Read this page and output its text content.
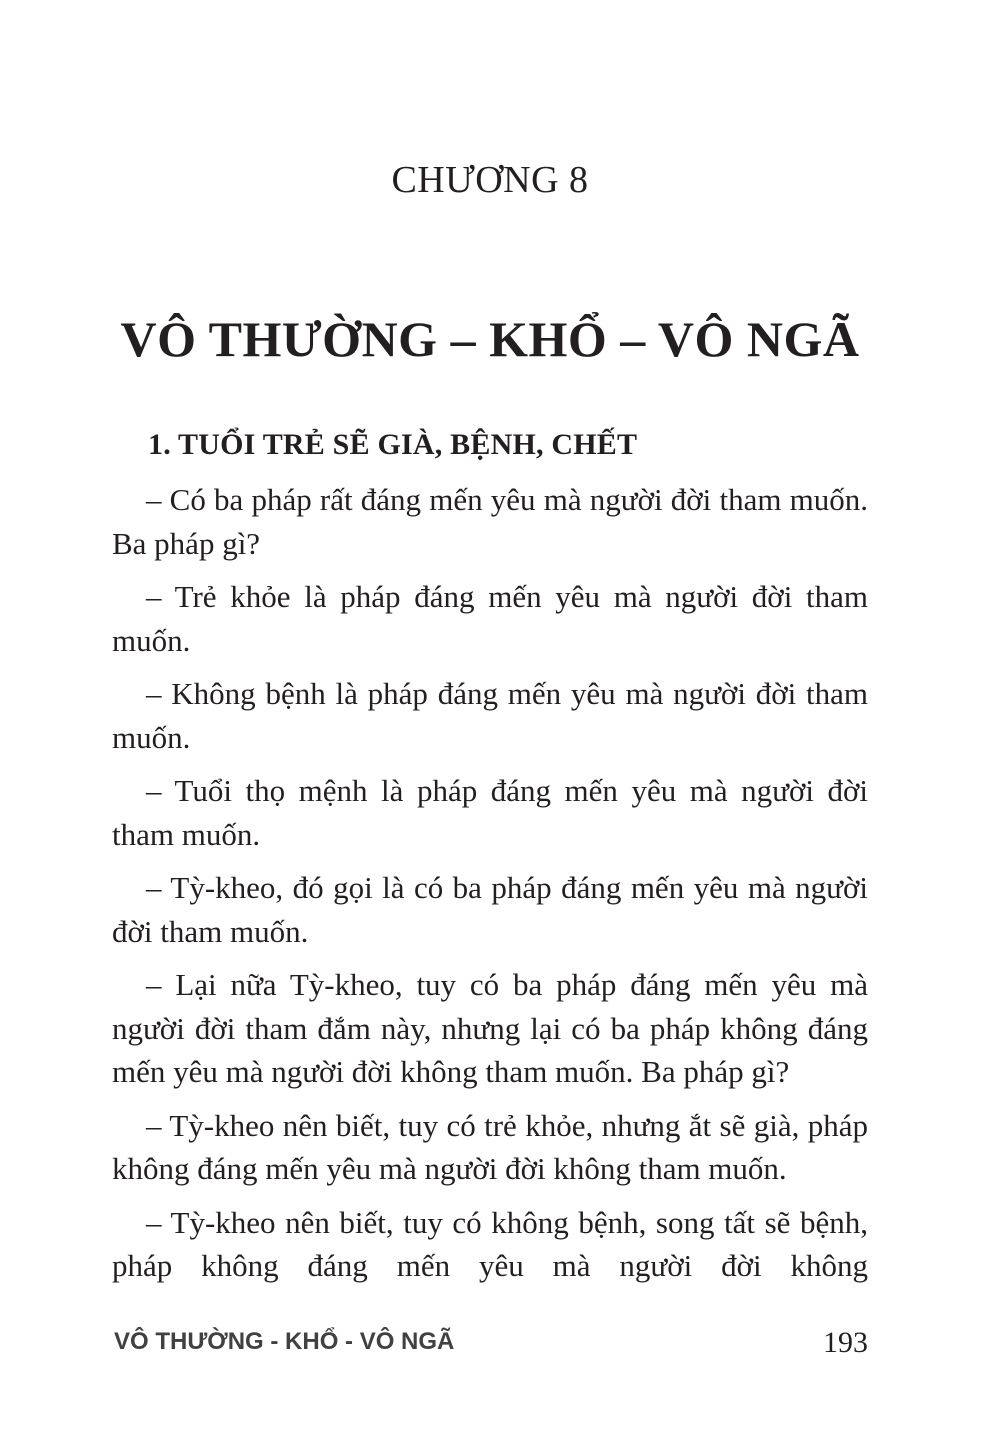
CHƯƠNG 8
VÔ THƯỜNG – KHỔ – VÔ NGÃ
1. TUỔI TRẺ SẼ GIÀ, BỆNH, CHẾT

– Có ba pháp rất đáng mến yêu mà người đời tham muốn. Ba pháp gì?

– Trẻ khỏe là pháp đáng mến yêu mà người đời tham muốn.

– Không bệnh là pháp đáng mến yêu mà người đời tham muốn.

– Tuổi thọ mệnh là pháp đáng mến yêu mà người đời tham muốn.

– Tỳ-kheo, đó gọi là có ba pháp đáng mến yêu mà người đời tham muốn.

– Lại nữa Tỳ-kheo, tuy có ba pháp đáng mến yêu mà người đời tham đắm này, nhưng lại có ba pháp không đáng mến yêu mà người đời không tham muốn. Ba pháp gì?

– Tỳ-kheo nên biết, tuy có trẻ khỏe, nhưng ắt sẽ già, pháp không đáng mến yêu mà người đời không tham muốn.

– Tỳ-kheo nên biết, tuy có không bệnh, song tất sẽ bệnh, pháp không đáng mến yêu mà người đời không

VÔ THƯỜNG - KHỔ - VÔ NGÃ	193
